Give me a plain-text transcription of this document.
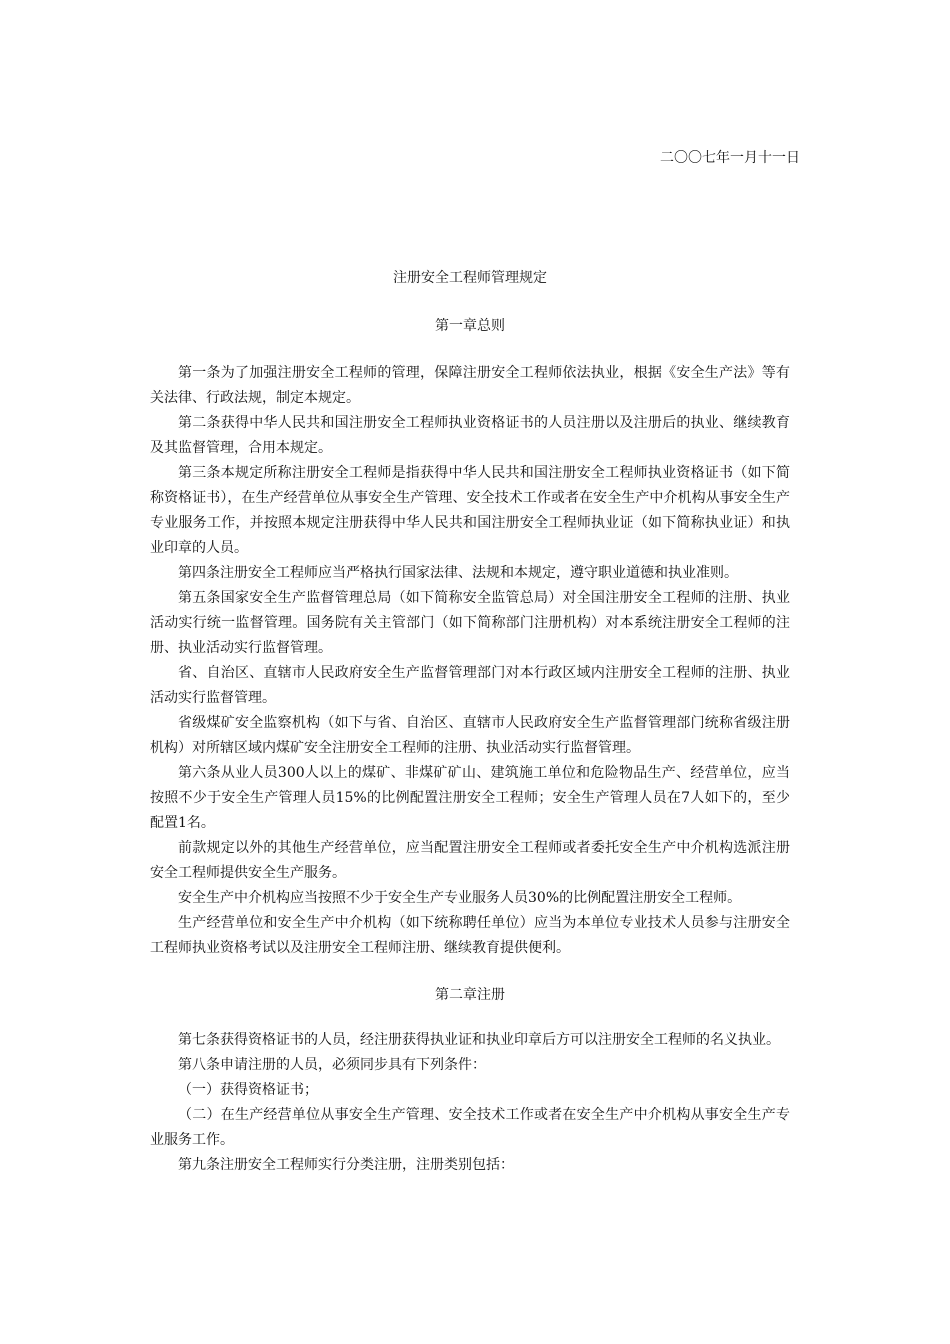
二〇〇七年一月十一日
注册安全工程师管理规定
第一章总则

第一条为了加强注册安全工程师的管理，保障注册安全工程师依法执业，根据《安全生产法》等有关法律、行政法规，制定本规定。

第二条获得中华人民共和国注册安全工程师执业资格证书的人员注册以及注册后的执业、继续教育及其监督管理，合用本规定。

第三条本规定所称注册安全工程师是指获得中华人民共和国注册安全工程师执业资格证书（如下简称资格证书），在生产经营单位从事安全生产管理、安全技术工作或者在安全生产中介机构从事安全生产专业服务工作，并按照本规定注册获得中华人民共和国注册安全工程师执业证（如下简称执业证）和执业印章的人员。

第四条注册安全工程师应当严格执行国家法律、法规和本规定，遵守职业道德和执业准则。

第五条国家安全生产监督管理总局（如下简称安全监管总局）对全国注册安全工程师的注册、执业活动实行统一监督管理。国务院有关主管部门（如下简称部门注册机构）对本系统注册安全工程师的注册、执业活动实行监督管理。

省、自治区、直辖市人民政府安全生产监督管理部门对本行政区域内注册安全工程师的注册、执业活动实行监督管理。

省级煤矿安全监察机构（如下与省、自治区、直辖市人民政府安全生产监督管理部门统称省级注册机构）对所辖区域内煤矿安全注册安全工程师的注册、执业活动实行监督管理。

第六条从业人员300人以上的煤矿、非煤矿矿山、建筑施工单位和危险物品生产、经营单位，应当按照不少于安全生产管理人员15%的比例配置注册安全工程师；安全生产管理人员在7人如下的，至少配置1名。

前款规定以外的其他生产经营单位，应当配置注册安全工程师或者委托安全生产中介机构选派注册安全工程师提供安全生产服务。

安全生产中介机构应当按照不少于安全生产专业服务人员30%的比例配置注册安全工程师。

生产经营单位和安全生产中介机构（如下统称聘任单位）应当为本单位专业技术人员参与注册安全工程师执业资格考试以及注册安全工程师注册、继续教育提供便利。

第二章注册

第七条获得资格证书的人员，经注册获得执业证和执业印章后方可以注册安全工程师的名义执业。

第八条申请注册的人员，必须同步具有下列条件：

（一）获得资格证书；

（二）在生产经营单位从事安全生产管理、安全技术工作或者在安全生产中介机构从事安全生产专业服务工作。

第九条注册安全工程师实行分类注册，注册类别包括：
